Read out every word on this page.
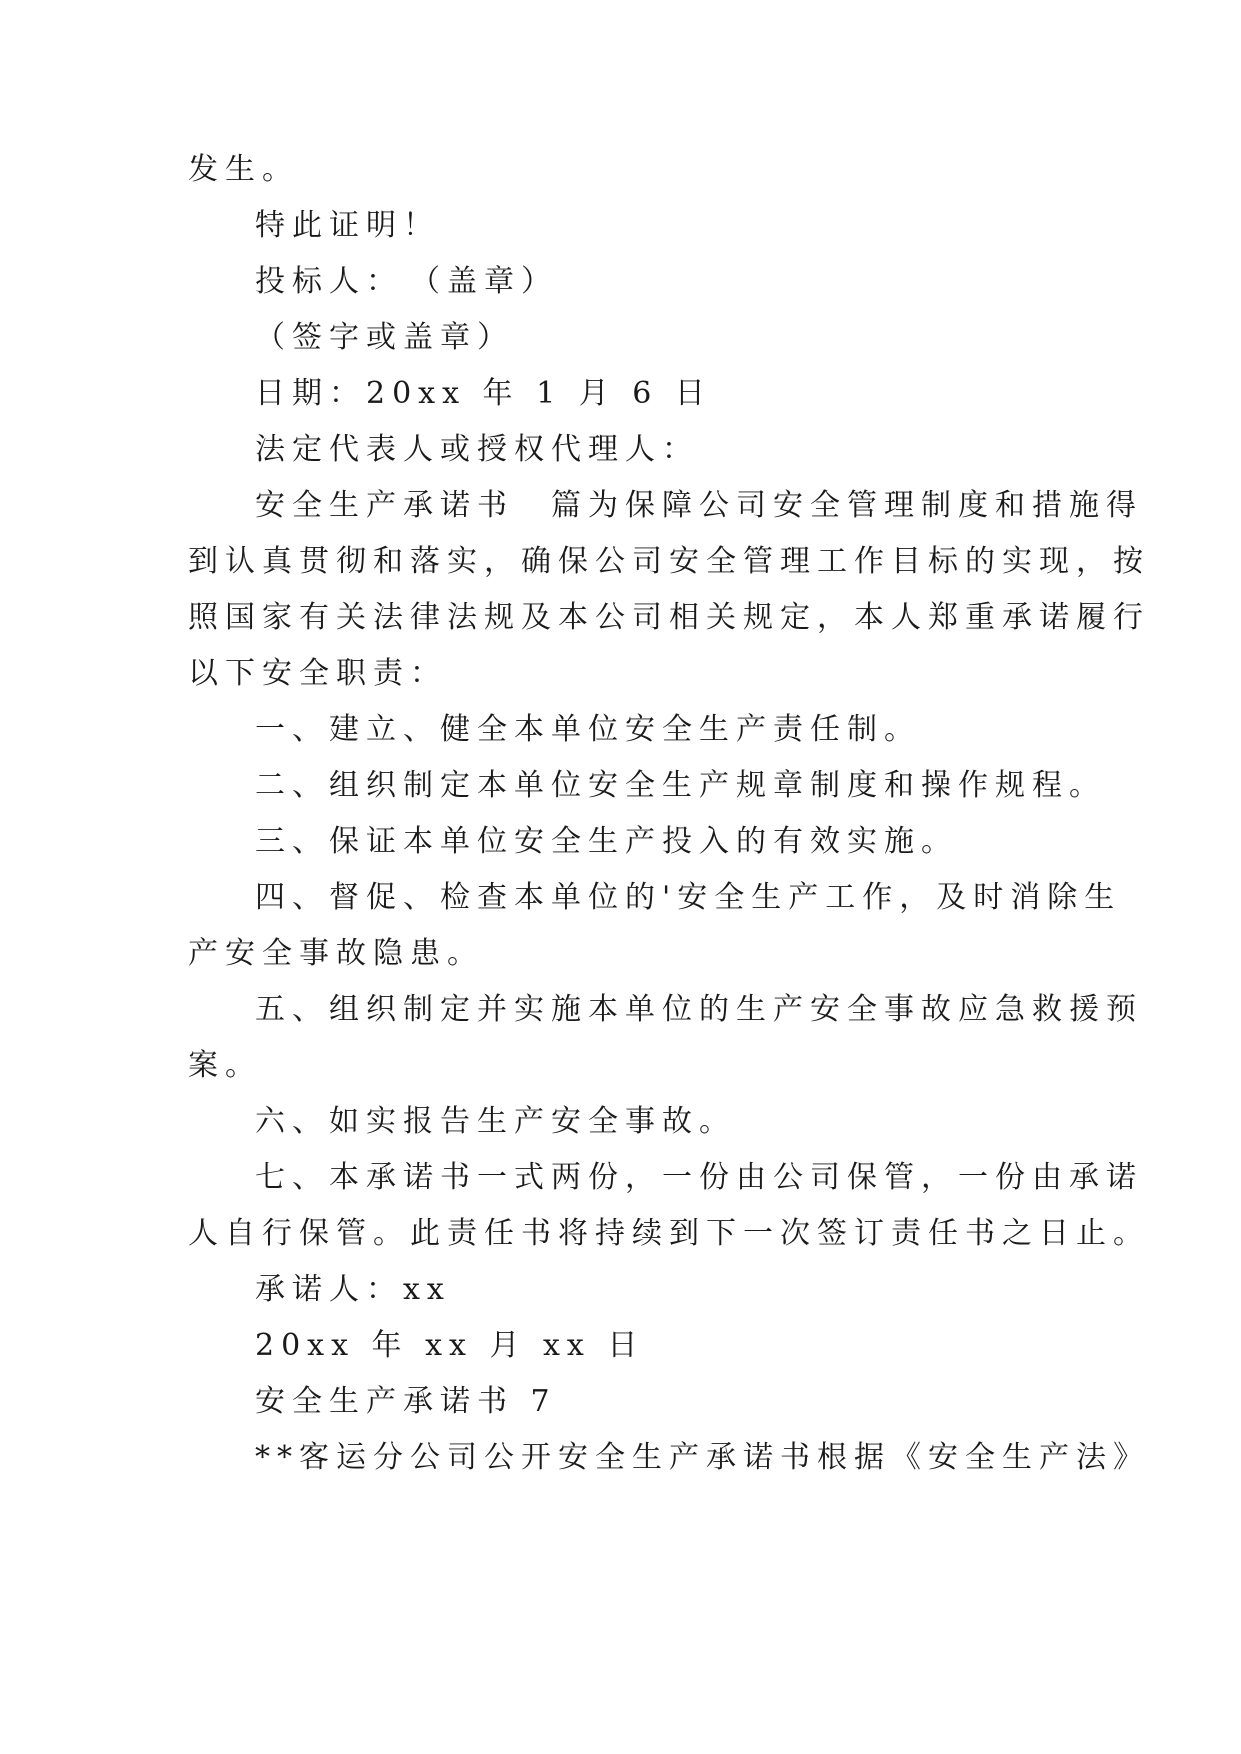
发生。
特此证明！
投标人：　（盖章）
（签字或盖章）
日期：20xx 年 1 月 6 日
法定代表人或授权代理人：
安全生产承诺书　篇为保障公司安全管理制度和措施得
到认真贯彻和落实，确保公司安全管理工作目标的实现，按
照国家有关法律法规及本公司相关规定，本人郑重承诺履行
以下安全职责：
一、建立、健全本单位安全生产责任制。
二、组织制定本单位安全生产规章制度和操作规程。
三、保证本单位安全生产投入的有效实施。
四、督促、检查本单位的'安全生产工作，及时消除生
产安全事故隐患。
五、组织制定并实施本单位的生产安全事故应急救援预
案。
六、如实报告生产安全事故。
七、本承诺书一式两份，一份由公司保管，一份由承诺
人自行保管。此责任书将持续到下一次签订责任书之日止。
承诺人：xx
20xx 年 xx 月 xx 日
安全生产承诺书 7
**客运分公司公开安全生产承诺书根据《安全生产法》
